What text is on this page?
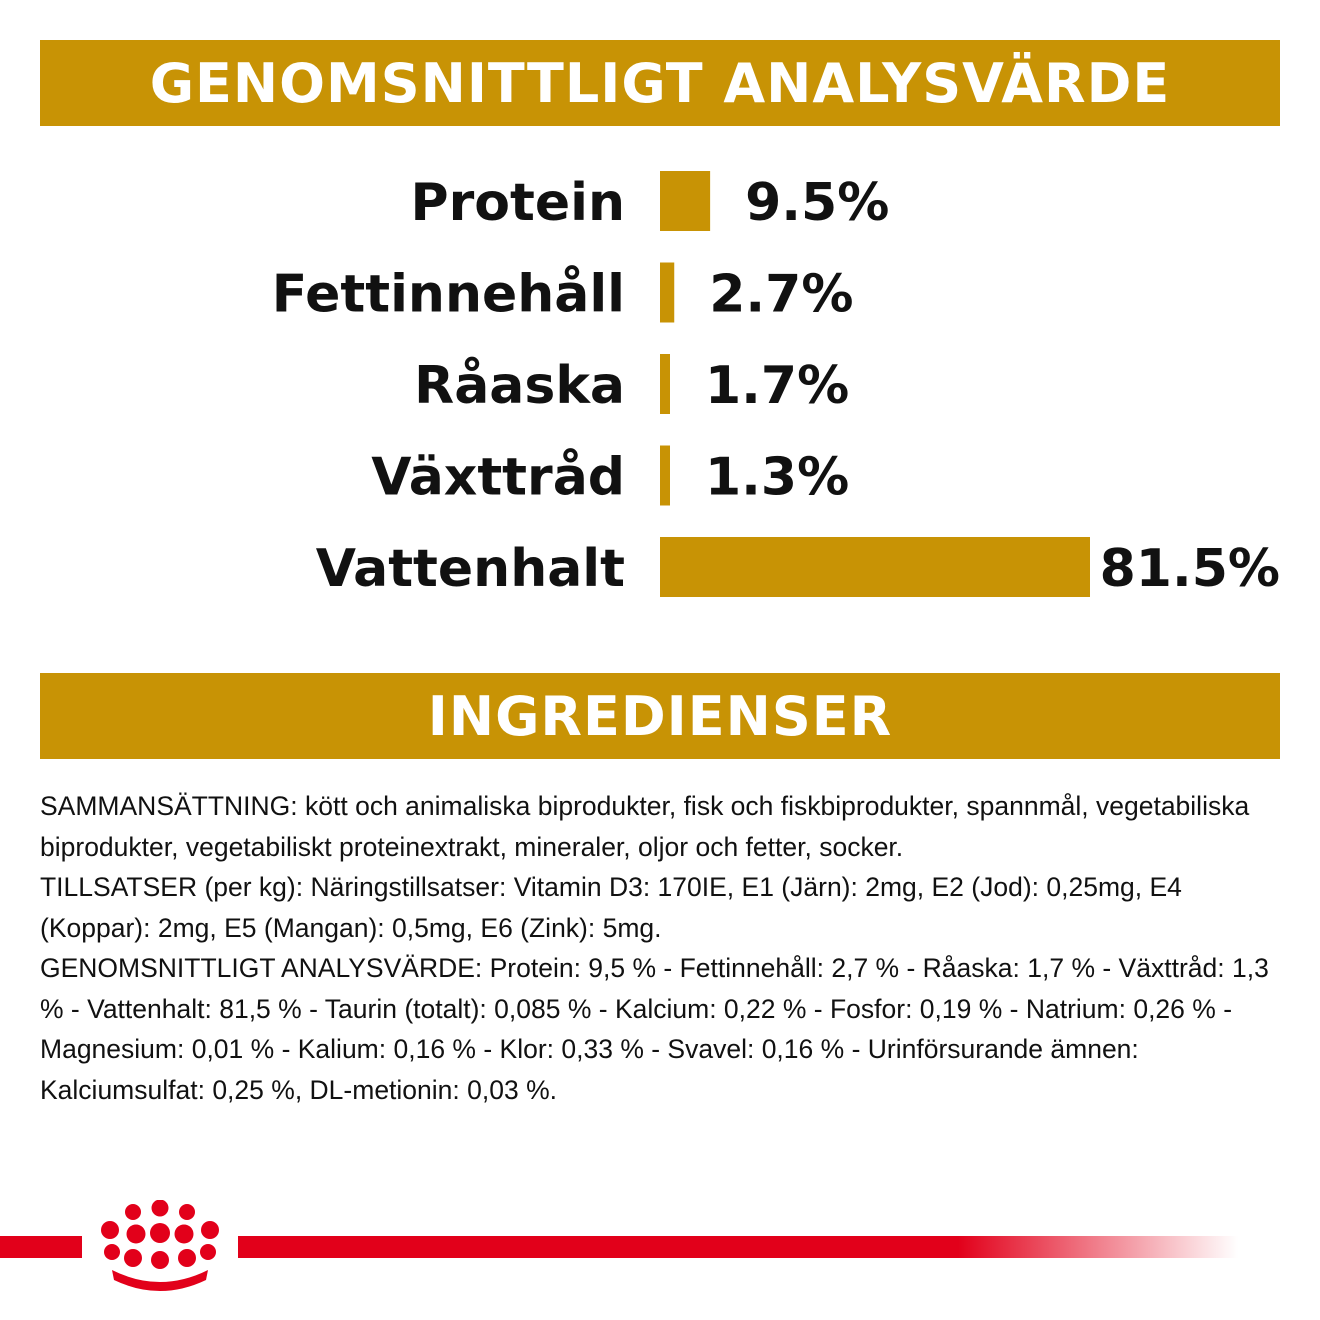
GENOMSNITTLIGT ANALYSVÄRDE
Protein 9.5%
Fettinnehåll 2.7%
Råaska 1.7%
Växttråd 1.3%
Vattenhalt	81.5%
INGREDIENSER

SAMMANSÄTTNING: kött och animaliska biprodukter, fisk och fiskbiprodukter, spannmål, vegetabiliska biprodukter, vegetabiliskt proteinextrakt, mineraler, oljor och fetter, socker.

TILLSATSER (per kg): Näringstillsatser: Vitamin D3: 170IE, E1 (Järn): 2mg, E2 (Jod): 0,25mg, E4 (Koppar): 2mg, E5 (Mangan): 0,5mg, E6 (Zink): 5mg.

GENOMSNITTLIGT ANALYSVÄRDE: Protein: 9,5 % - Fettinnehåll: 2,7 % - Råaska: 1,7 % - Växttråd: 1,3 % - Vattenhalt: 81,5 % - Taurin (totalt): 0,085 % - Kalcium: 0,22 % - Fosfor: 0,19 % - Natrium: 0,26 % - Magnesium: 0,01 % - Kalium: 0,16 % - Klor: 0,33 % - Svavel: 0,16 % - Urinförsurande ämnen: Kalciumsulfat: 0,25 %, DL-metionin: 0,03 %.
